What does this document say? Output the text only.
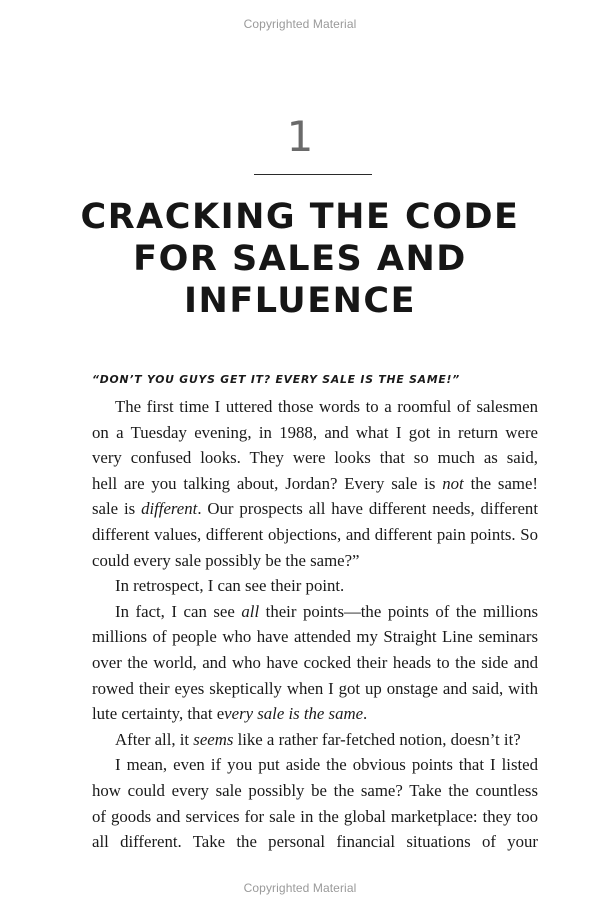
Copyrighted Material
1
CRACKING THE CODE
FOR SALES AND
INFLUENCE
“DON’T YOU GUYS GET IT? EVERY SALE IS THE SAME!”
The first time I uttered those words to a roomful of salesmen
on a Tuesday evening, in 1988, and what I got in return were
very confused looks. They were looks that so much as said,
hell are you talking about, Jordan? Every sale is not the same!
sale is different. Our prospects all have different needs, different
different values, different objections, and different pain points. So
could every sale possibly be the same?”
In retrospect, I can see their point.
In fact, I can see all their points—the points of the millions
millions of people who have attended my Straight Line seminars
over the world, and who have cocked their heads to the side and
rowed their eyes skeptically when I got up onstage and said, with
lute certainty, that every sale is the same.
After all, it seems like a rather far-fetched notion, doesn’t it?
I mean, even if you put aside the obvious points that I listed
how could every sale possibly be the same? Take the countless
of goods and services for sale in the global marketplace: they too
all different. Take the personal financial situations of your
Copyrighted Material
